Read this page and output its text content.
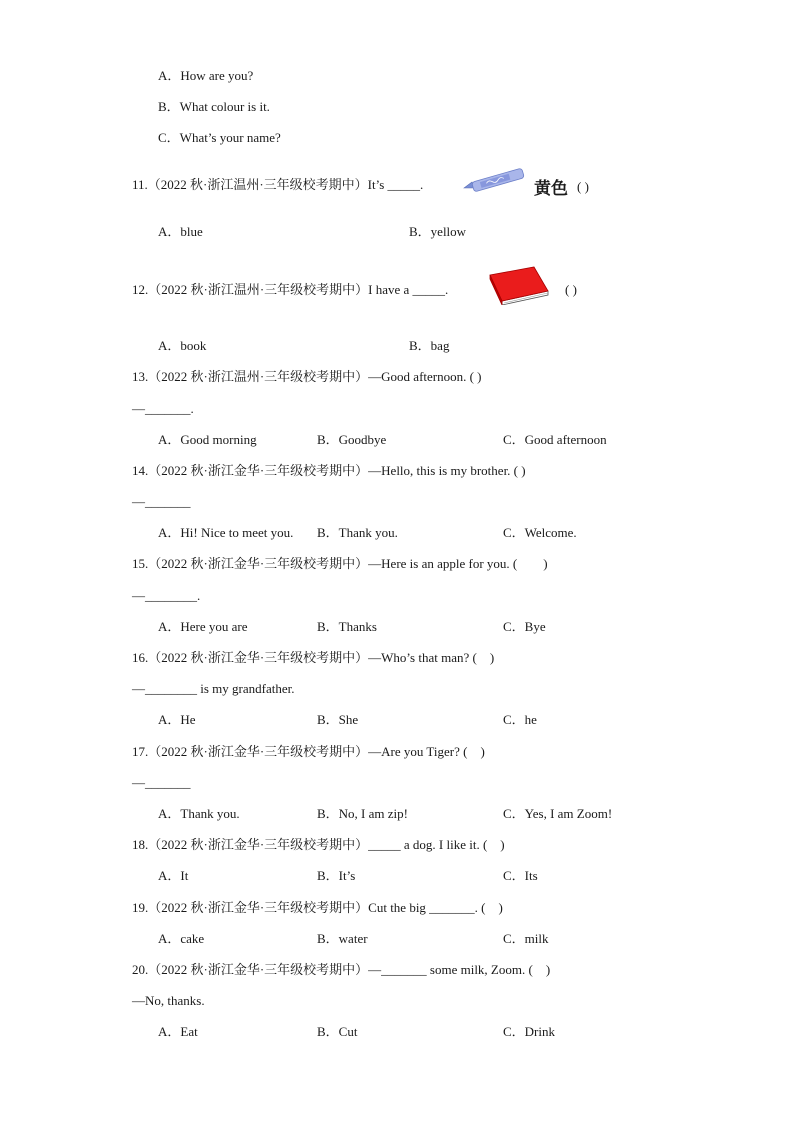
A．How are you?
B．What colour is it.
C．What’s your name?
11.（2022 秋·浙江温州·三年级校考期中）It’s _____.	黄色 ( )
A．blue	B．yellow
12.（2022 秋·浙江温州·三年级校考期中）I have a _____.	( )
A．book	B．bag
13.（2022 秋·浙江温州·三年级校考期中）—Good afternoon. ( )
—_______.
A．Good morning	B．Goodbye	C．Good afternoon
14.（2022 秋·浙江金华·三年级校考期中）—Hello, this is my brother. ( )
—_______
A．Hi! Nice to meet you. B．Thank you.	C．Welcome.
15.（2022 秋·浙江金华·三年级校考期中）—Here is an apple for you. (　　)
—________.
A．Here you are	B．Thanks	C．Bye
16.（2022 秋·浙江金华·三年级校考期中）—Who’s that man? (　)
—________ is my grandfather.
A．He	B．She	C．he
17.（2022 秋·浙江金华·三年级校考期中）—Are you Tiger? (　)
—_______
A．Thank you.	B．No, I am zip!	C．Yes, I am Zoom!
18.（2022 秋·浙江金华·三年级校考期中）_____ a dog. I like it. (　)
A．It	B．It’s	C．Its
19.（2022 秋·浙江金华·三年级校考期中）Cut the big _______. (　)
A．cake	B．water	C．milk
20.（2022 秋·浙江金华·三年级校考期中）—_______ some milk, Zoom. (　)
—No, thanks.
A．Eat	B．Cut	C．Drink
